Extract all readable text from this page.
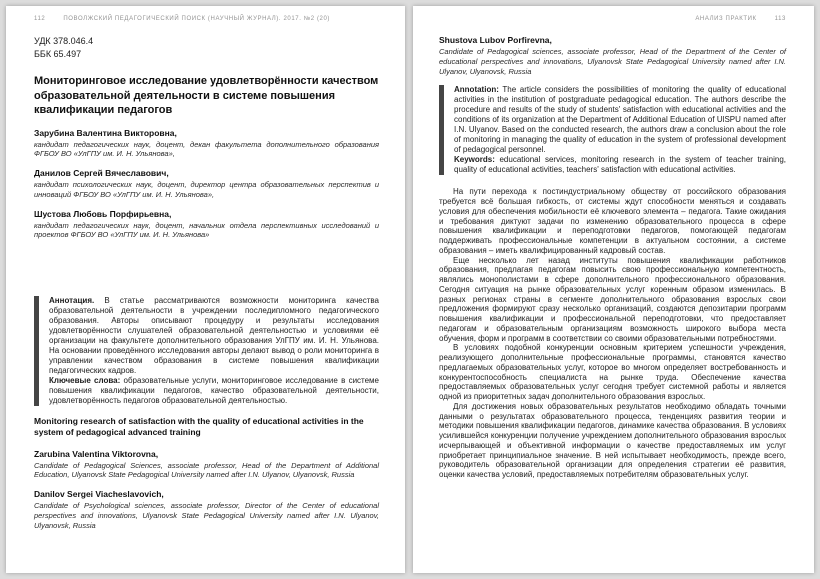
112	ПОВОЛЖСКИЙ ПЕДАГОГИЧЕСКИЙ ПОИСК (НАУЧНЫЙ ЖУРНАЛ). 2017. №2 (20)
УДК 378.046.4
ББК 65.497
Мониторинговое исследование удовлетворённости качеством образовательной деятельности в системе повышения квалификации педагогов
Зарубина Валентина Викторовна,
кандидат педагогических наук, доцент, декан факультета дополнительного образования ФГБОУ ВО «УлГПУ им. И. Н. Ульянова»,
Данилов Сергей Вячеславович,
кандидат психологических наук, доцент, директор центра образовательных перспектив и инноваций ФГБОУ ВО «УлГПУ им. И. Н. Ульянова»,
Шустова Любовь Порфирьевна,
кандидат педагогических наук, доцент, начальник отдела перспективных исследований и проектов ФГБОУ ВО «УлГПУ им. И. Н. Ульянова»

Аннотация. В статье рассматриваются возможности мониторинга качества образовательной деятельности в учреждении последипломного педагогического образования. Авторы описывают процедуру и результаты исследования удовлетворённости слушателей образовательной деятельностью и условиями её организации на факультете дополнительного образования УлГПУ им. И. Н. Ульянова. На основании проведённого исследования авторы делают вывод о роли мониторинга в управлении качеством образования в системе повышения квалификации педагогических кадров.

Ключевые слова: образовательные услуги, мониторинговое исследование в системе повышения квалификации педагогов, качество образовательной деятельности, удовлетворённость педагогов образовательной деятельностью.

Monitoring research of satisfaction with the quality of educational activities in the system of pedagogical advanced training
Zarubina Valentina Viktorovna,
Candidate of Pedagogical Sciences, associate professor, Head of the Department of Additional Education, Ulyanovsk State Pedagogical University named after I.N. Ulyanov, Ulyanovsk, Russia
Danilov Sergei Viacheslavovich,
Candidate of Psychological sciences, associate professor, Director of the Center of educational perspectives and innovations, Ulyanovsk State Pedagogical University named after I.N. Ulyanov, Ulyanovsk, Russia
АНАЛИЗ ПРАКТИК	113
Shustova Lubov Porfirevna,
Candidate of Pedagogical sciences, associate professor, Head of the Department of the Center of educational perspectives and innovations, Ulyanovsk State Pedagogical University named after I.N. Ulyanov, Ulyanovsk, Russia

Annotation: The article considers the possibilities of monitoring the quality of educational activities in the institution of postgraduate pedagogical education. The authors describe the procedure and results of the study of students' satisfaction with educational activities and the conditions of its organization at the Department of Additional Education of UlSPU named after I.N. Ulyanov. Based on the conducted research, the authors draw a conclusion about the role of monitoring in managing the quality of education in the system of professional development of pedagogical personnel.

Keywords: educational services, monitoring research in the system of teacher training, quality of educational activities, teachers' satisfaction with educational activities.

На пути перехода к постиндустриальному обществу от российского образования требуется всё большая гибкость, от системы ждут способности меняться и создавать условия для обеспечения мобильности её ключевого элемента – педагога. Такие ожидания и требования диктуют задачи по изменению образовательного процесса в сфере повышения квалификации и переподготовки педагогов, помогающей педагогам поддерживать профессиональные компетенции в актуальном состоянии, а системе образования – иметь квалифицированный кадровый состав.

Еще несколько лет назад институты повышения квалификации работников образования, предлагая педагогам повысить свою профессиональную компетентность, являлись монополистами в сфере дополнительного профессионального образования. Сегодня ситуация на рынке образовательных услуг коренным образом изменилась. В разных регионах страны в сегменте дополнительного образования взрослых свои предложения формируют сразу несколько организаций, создаются депозитарии программ повышения квалификации и профессиональной переподготовки, что предоставляет педагогам и образовательным организациям возможность широкого выбора места обучения, форм и программ в соответствии со своими образовательными потребностями.

В условиях подобной конкуренции основным критерием успешности учреждения, реализующего дополнительные профессиональные программы, становятся качество предлагаемых образовательных услуг, которое во многом определяет востребованность и конкурентоспособность специалиста на рынке труда. Обеспечение качества предоставляемых образовательных услуг сегодня требует системной работы и является одной из приоритетных задач дополнительного образования взрослых.

Для достижения новых образовательных результатов необходимо обладать точными данными о результатах образовательного процесса, тенденциях развития теории и методики повышения квалификации педагогов, динамике качества образования. В условиях усилившейся конкуренции получение учреждением дополнительного образования взрослых исчерпывающей и объективной информации о качестве предоставляемых им услуг приобретает принципиальное значение. В ней испытывает необходимость, прежде всего, руководитель образовательной организации для определения стратегии её развития, оценки качества условий, предоставляемых потребителям образовательных услуг.
